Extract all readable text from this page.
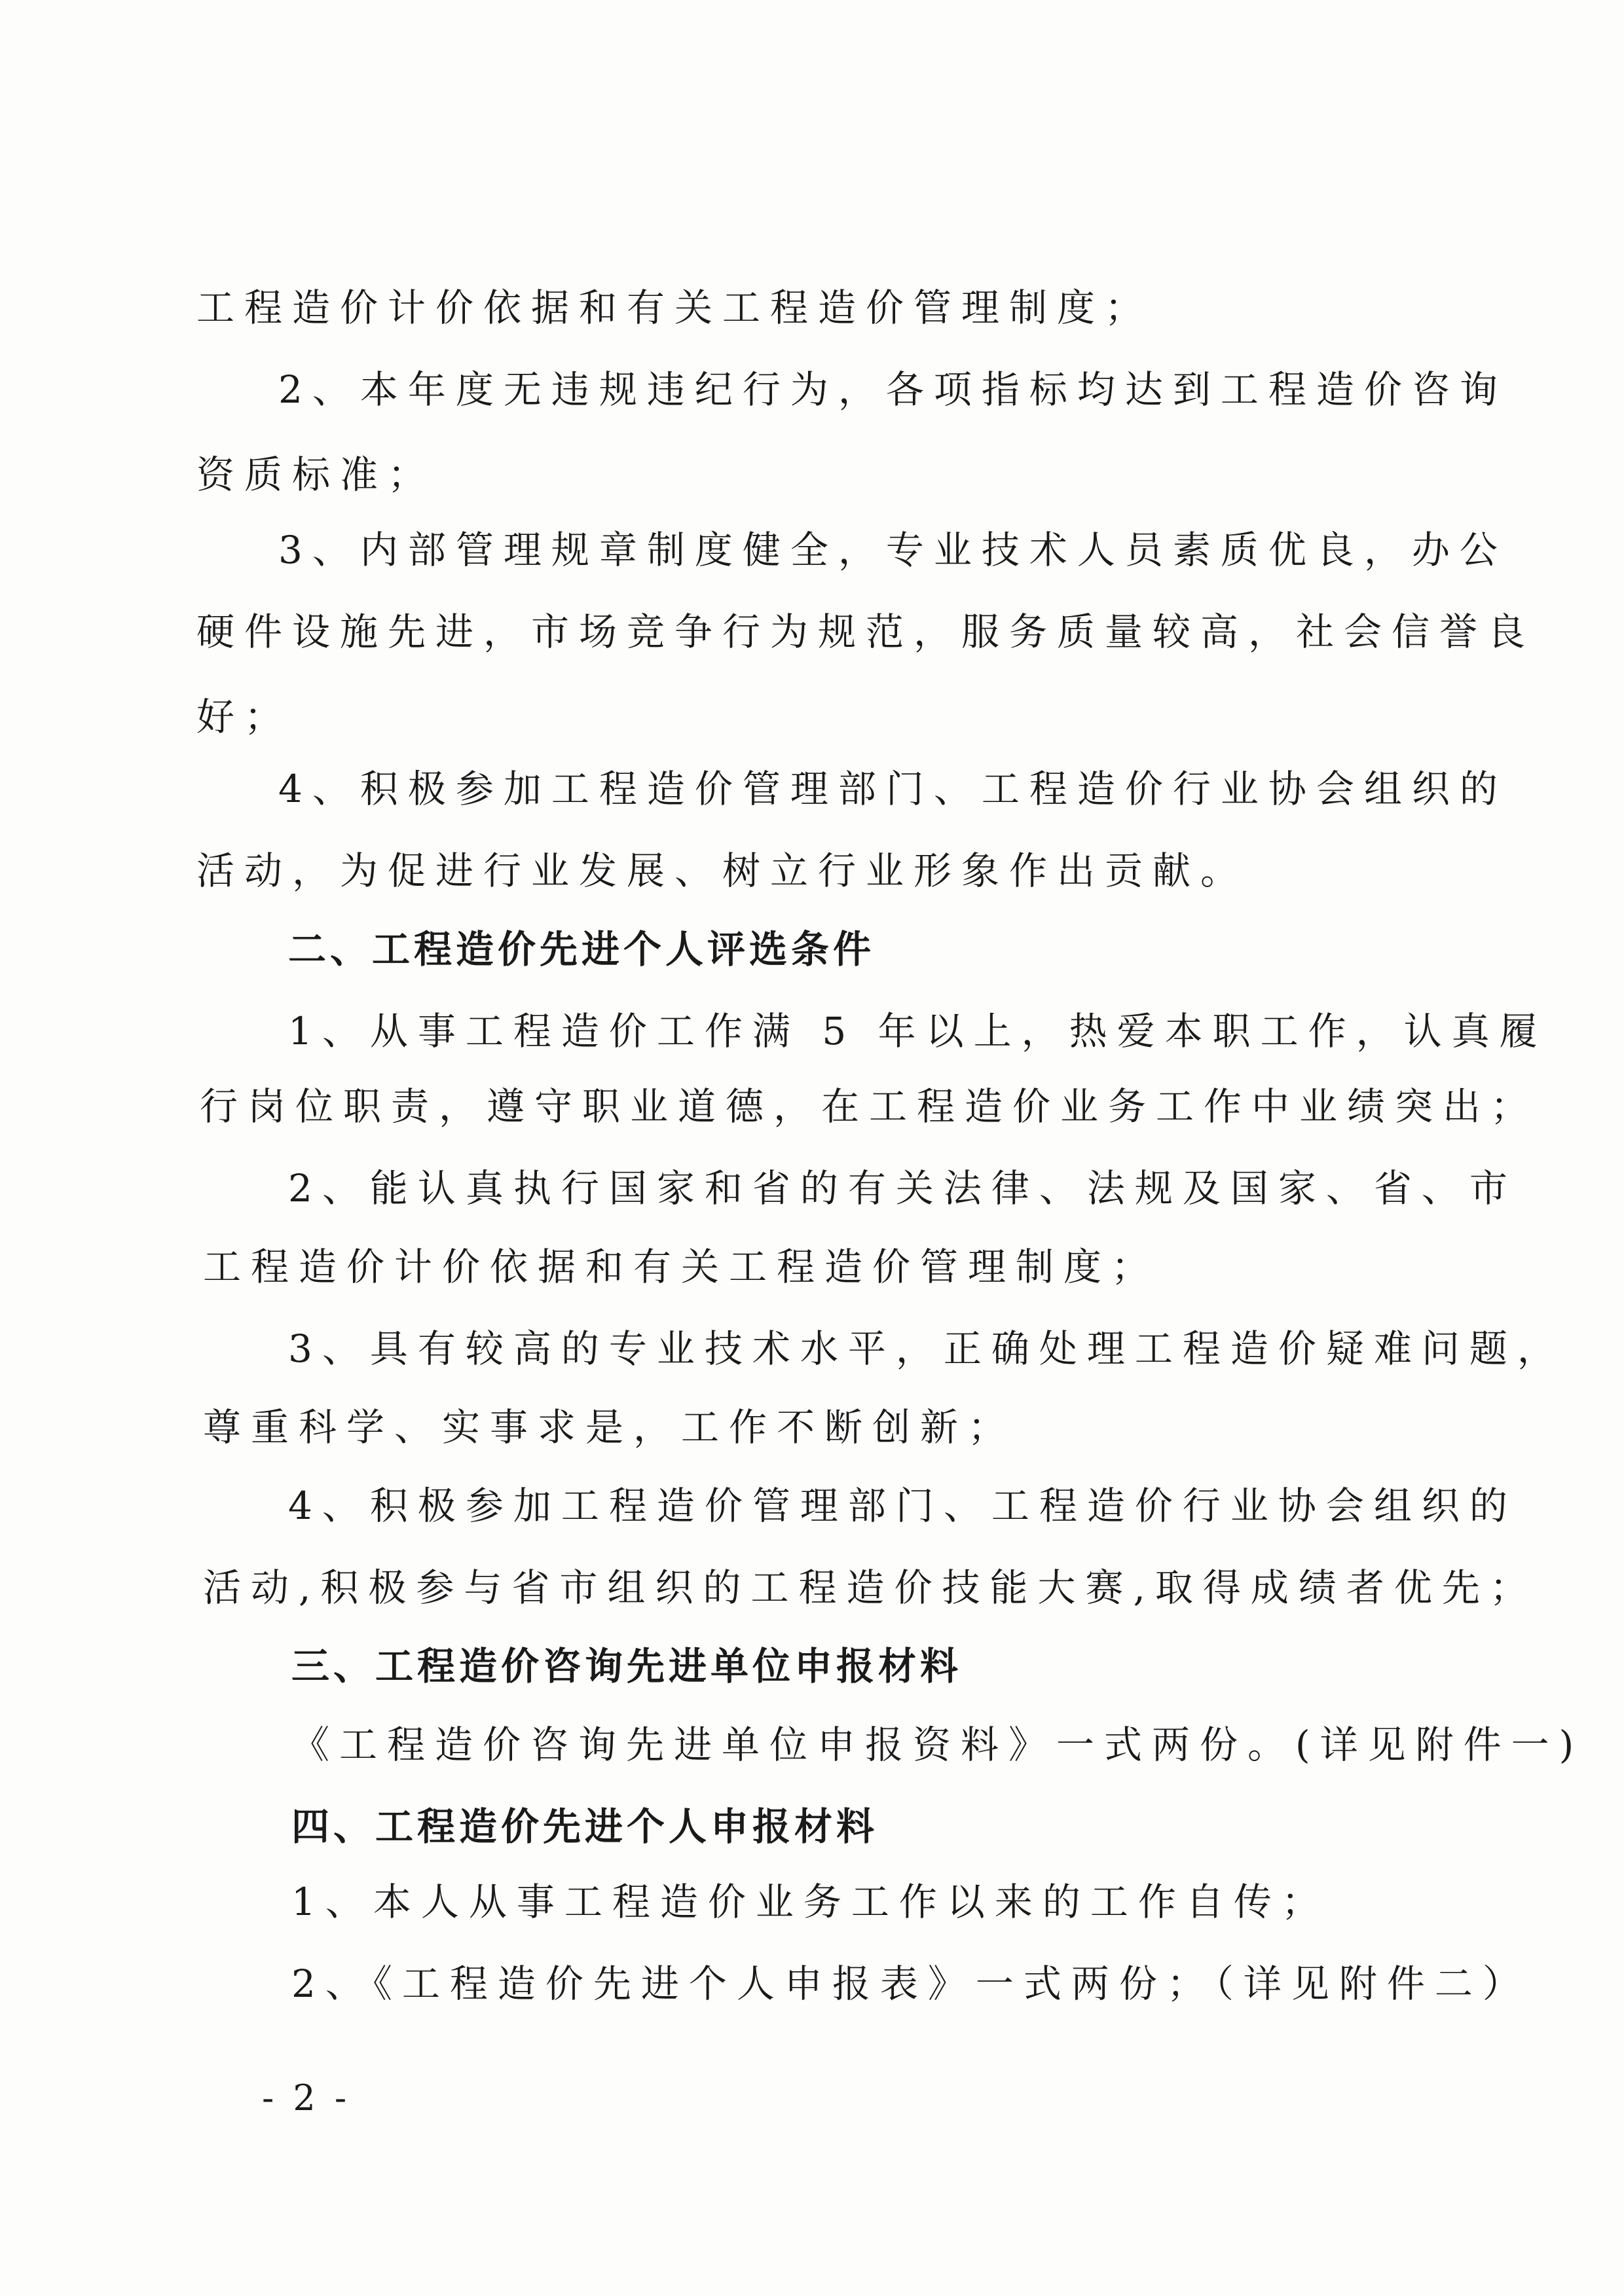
工程造价计价依据和有关工程造价管理制度；
2、本年度无违规违纪行为，各项指标均达到工程造价咨询
资质标准；
3、内部管理规章制度健全，专业技术人员素质优良，办公
硬件设施先进，市场竞争行为规范，服务质量较高，社会信誉良
好；
4、积极参加工程造价管理部门、工程造价行业协会组织的
活动，为促进行业发展、树立行业形象作出贡献。
二、工程造价先进个人评选条件
1、从事工程造价工作满 5 年以上，热爱本职工作，认真履
行岗位职责，遵守职业道德，在工程造价业务工作中业绩突出；
2、能认真执行国家和省的有关法律、法规及国家、省、市
工程造价计价依据和有关工程造价管理制度；
3、具有较高的专业技术水平，正确处理工程造价疑难问题，
尊重科学、实事求是，工作不断创新；
4、积极参加工程造价管理部门、工程造价行业协会组织的
活动,积极参与省市组织的工程造价技能大赛,取得成绩者优先；
三、工程造价咨询先进单位申报材料
《工程造价咨询先进单位申报资料》一式两份。(详见附件一)
四、工程造价先进个人申报材料
1、本人从事工程造价业务工作以来的工作自传；
2、《工程造价先进个人申报表》一式两份；（详见附件二）
- 2 -
